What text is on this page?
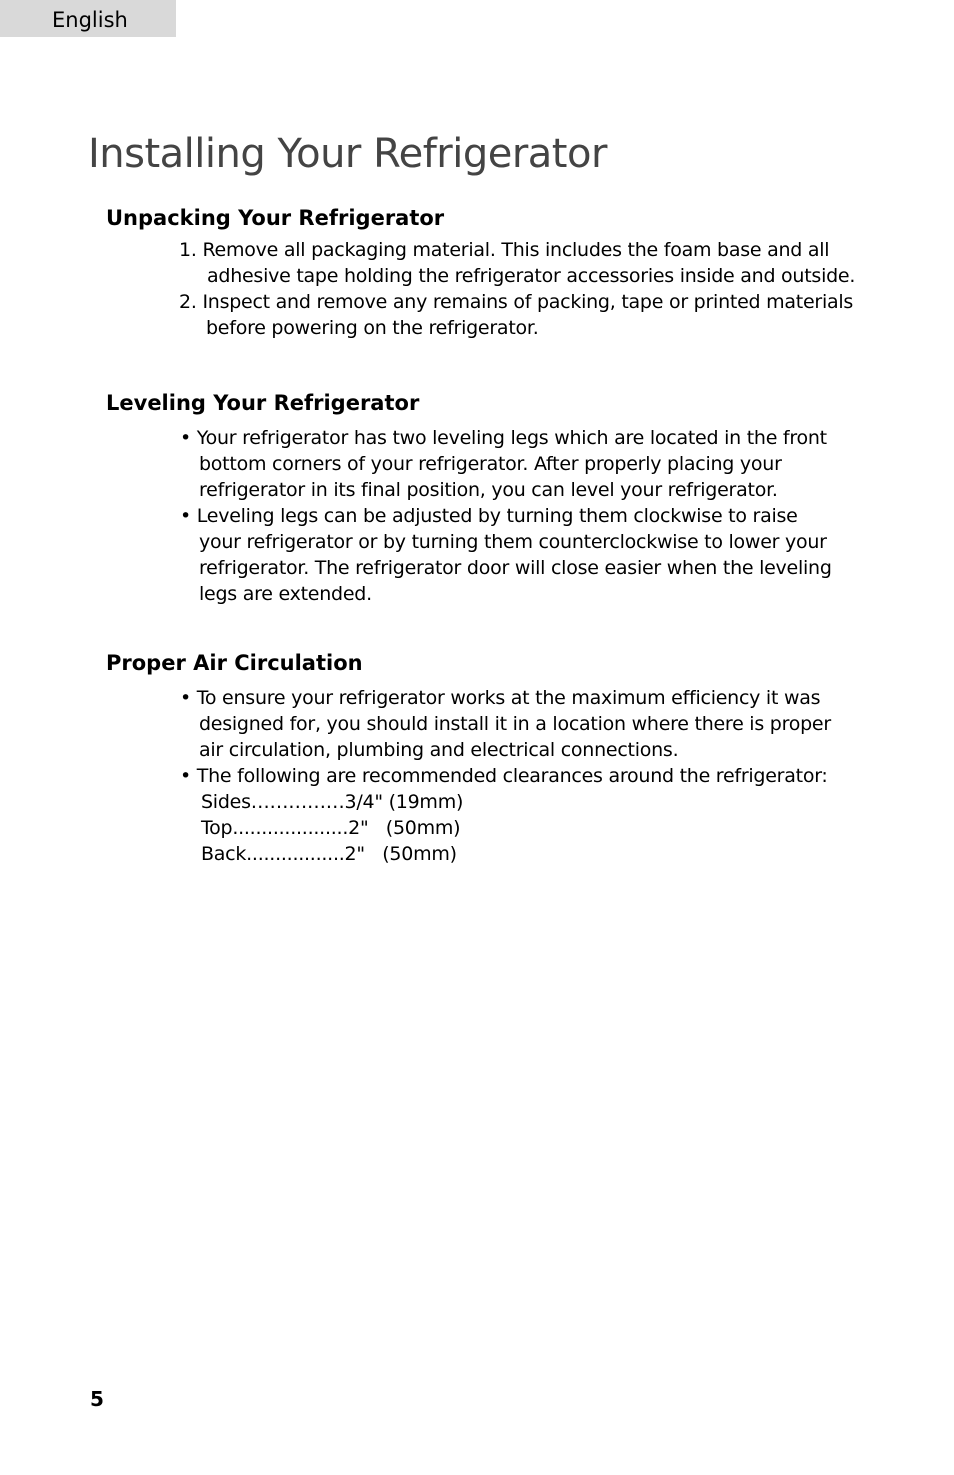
English
Installing Your Refrigerator
Unpacking Your Refrigerator
1. Remove all packaging material. This includes the foam base and all
adhesive tape holding the refrigerator accessories inside and outside.
2. Inspect and remove any remains of packing, tape or printed materials
before powering on the refrigerator.
Leveling Your Refrigerator
• Your refrigerator has two leveling legs which are located in the front
bottom corners of your refrigerator. After properly placing your
refrigerator in its final position, you can level your refrigerator.
• Leveling legs can be adjusted by turning them clockwise to raise
your refrigerator or by turning them counterclockwise to lower your
refrigerator. The refrigerator door will close easier when the leveling
legs are extended.
Proper Air Circulation
• To ensure your refrigerator works at the maximum efficiency it was
designed for, you should install it in a location where there is proper
air circulation, plumbing and electrical connections.
• The following are recommended clearances around the refrigerator:
Sides……………3/4" (19mm)
Top....................2"   (50mm)
Back.................2"   (50mm)
5
